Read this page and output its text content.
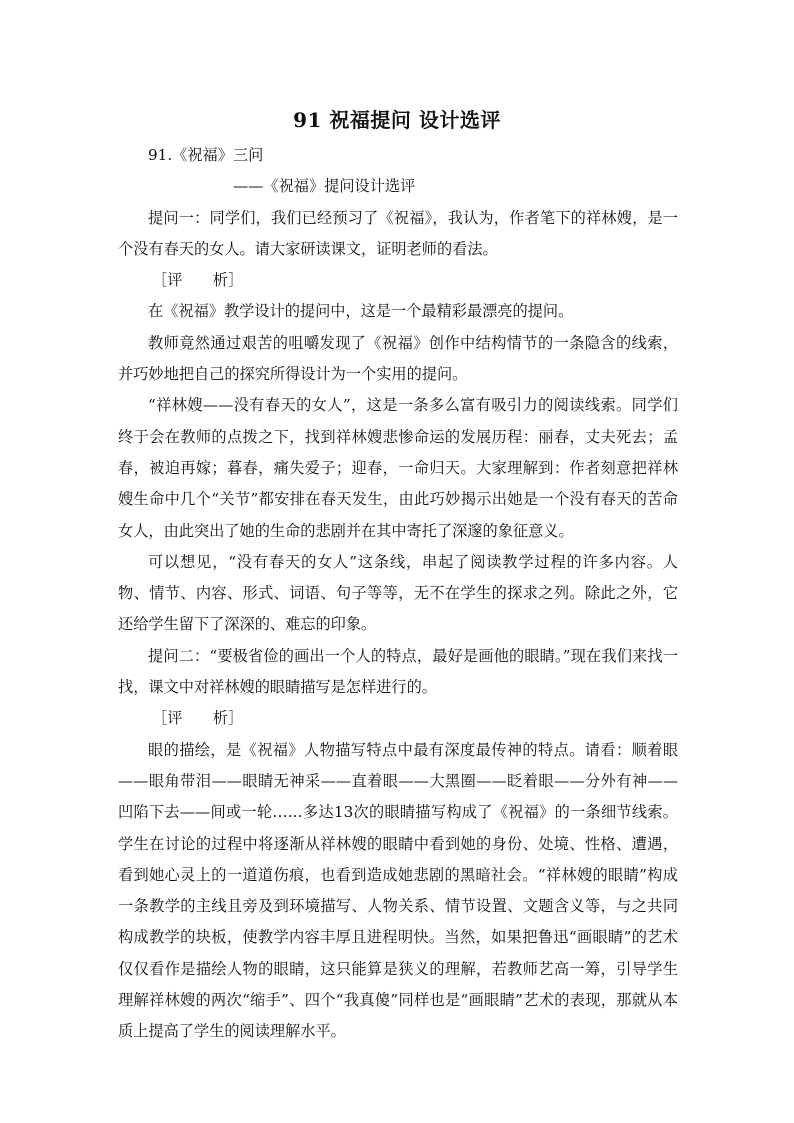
91 祝福提问 设计选评

91.《祝福》三问

——《祝福》提问设计选评

提问一：同学们，我们已经预习了《祝福》，我认为，作者笔下的祥林嫂，是一个没有春天的女人。请大家研读课文，证明老师的看法。

［评　　析］

在《祝福》教学设计的提问中，这是一个最精彩最漂亮的提问。

教师竟然通过艰苦的咀嚼发现了《祝福》创作中结构情节的一条隐含的线索，并巧妙地把自己的探究所得设计为一个实用的提问。

“祥林嫂——没有春天的女人”，这是一条多么富有吸引力的阅读线索。同学们终于会在教师的点拨之下，找到祥林嫂悲惨命运的发展历程：丽春，丈夫死去；孟春，被迫再嫁；暮春，痛失爱子；迎春，一命归天。大家理解到：作者刻意把祥林嫂生命中几个“关节”都安排在春天发生，由此巧妙揭示出她是一个没有春天的苦命女人，由此突出了她的生命的悲剧并在其中寄托了深邃的象征意义。

可以想见，“没有春天的女人”这条线，串起了阅读教学过程的许多内容。人物、情节、内容、形式、词语、句子等等，无不在学生的探求之列。除此之外，它还给学生留下了深深的、难忘的印象。

提问二：“要极省俭的画出一个人的特点，最好是画他的眼睛。”现在我们来找一找，课文中对祥林嫂的眼睛描写是怎样进行的。

［评　　析］

眼的描绘，是《祝福》人物描写特点中最有深度最传神的特点。请看：顺着眼——眼角带泪——眼睛无神采——直着眼——大黑圈——眨着眼——分外有神——凹陷下去——间或一轮……多达13次的眼睛描写构成了《祝福》的一条细节线索。学生在讨论的过程中将逐渐从祥林嫂的眼睛中看到她的身份、处境、性格、遭遇，看到她心灵上的一道道伤痕，也看到造成她悲剧的黑暗社会。“祥林嫂的眼睛”构成一条教学的主线且旁及到环境描写、人物关系、情节设置、文题含义等，与之共同构成教学的块板，使教学内容丰厚且进程明快。当然，如果把鲁迅“画眼睛”的艺术仅仅看作是描绘人物的眼睛，这只能算是狭义的理解，若教师艺高一筹，引导学生理解祥林嫂的两次“缩手”、四个“我真傻”同样也是“画眼睛”艺术的表现，那就从本质上提高了学生的阅读理解水平。
